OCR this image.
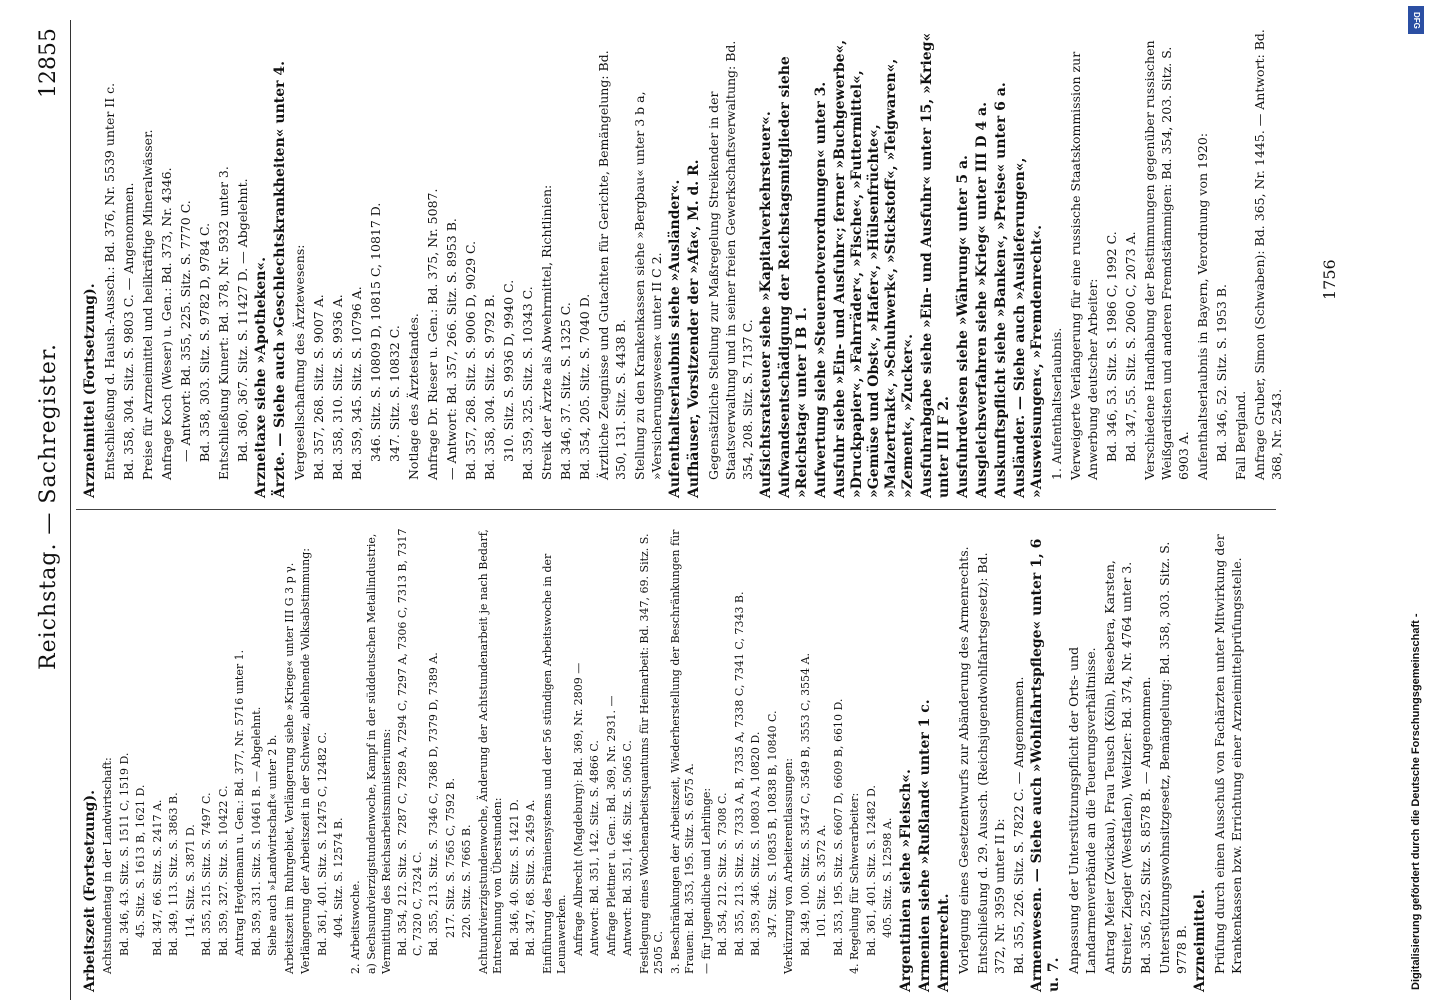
Reichstag. — Sachregister.
12855
Arbeitszeit (Fortsetzung). Achtstundentag in der Landwirtschaft: Bd. 346, 43. Sitz. S. 1511 C, 1519 D. 45. Sitz. S. 1613 B, 1621 D. Bd. 347, 66. Sitz. S. 2417 A. Bd. 349, 113. Sitz. S. 3863 B. 114. Sitz. S. 3871 D. Bd. 355, 215. Sitz. S. 7497 C. Bd. 359, 327. Sitz. S. 10422 C. Antrag Heydemann u. Gen.: Bd. 377, Nr. 5716 unter 1. Bd. 359, 331. Sitz. S. 10461 B. — Abgelehnt. Siehe auch »Landwirtschaft« unter 2 b. Arbeitszeit im Ruhrgebiet, Verlängerung siehe »Kriege« unter III G 3 p γ. Verlängerung der Arbeitszeit in der Schweiz, ablehnende Volksabstimmung: Bd. 361, 401. Sitz. S. 12475 C, 12482 C. 404. Sitz. S. 12574 B. 2. Arbeitswoche. a) Sechsundvierzigstundenwoche, Kampf in der süddeutschen Metallindustrie, Vermittlung des Reichsarbeitsministeriums: Bd. 354, 212. Sitz. S. 7287 C, 7289 A, 7294 C, 7297 A, 7306 C, 7313 B, 7317 C, 7320 C, 7324 C. Bd. 355, 213. Sitz. S. 7346 C, 7368 D, 7379 D, 7389 A. 217. Sitz. S. 7565 C, 7592 B. 220. Sitz. S. 7665 B. Achtundvierzigstundenwoche, Änderung der Achtstundenarbeit je nach Bedarf, Entrechnung von Überstunden: Bd. 346, 40. Sitz. S. 1421 D. Bd. 347, 68. Sitz. S. 2459 A. Einführung des Prämiensystems und der 56 stündigen Arbeitswoche in der Leunawerken. Anfrage Albrecht (Magdeburg): Bd. 369, Nr. 2809 — Antwort: Bd. 351, 142. Sitz. S. 4866 C. Anfrage Plettner u. Gen.: Bd. 369, Nr. 2931. — Antwort: Bd. 351, 146. Sitz. S. 5065 C. Festlegung eines Wochenarbeitsquantums für Heimarbeit: Bd. 347, 69. Sitz. S. 2505 C. 3. Beschränkungen der Arbeitszeit, Wiederherstellung der Beschränkungen für Frauen: Bd. 353, 195. Sitz. S. 6575 A. — für Jugendliche und Lehrlinge: Bd. 354, 212. Sitz. S. 7308 C. Bd. 355, 213. Sitz. S. 7333 A, B, 7335 A, 7338 C, 7341 C, 7343 B. Bd. 359, 346. Sitz. S. 10803 A, 10820 D. 347. Sitz. S. 10835 B, 10838 B, 10840 C. Verkürzung von Arbeiterentlassungen: Bd. 349, 100. Sitz. S. 3547 C, 3549 B, 3553 C, 3554 A. 101. Sitz. S. 3572 A. Bd. 353, 195. Sitz. S. 6607 D, 6609 B, 6610 D. 4. Regelung für Schwerarbeiter: Bd. 361, 401. Sitz. S. 12482 D. 405. Sitz. S. 12598 A. Argentinien siehe »Fleisch«. Armenien siehe »Rußland« unter 1 c. Armenrecht. Vorlegung eines Gesetzentwurfs zur Abänderung des Armenrechts. Entschließung d. 29. Aussch. (Reichsjugendwohlfahrtsgesetz): Bd. 372, Nr. 3959 unter II b: Bd. 355, 226. Sitz. S. 7822 C. — Angenommen. Armenwesen. — Siehe auch »Wohlfahrtspflege« unter 1, 6 u. 7.
Anpassung der Unterstützungspflicht der Orts- und Landarmenverbände an die Teuerungsverhältnisse. Antrag Meier (Zwickau), Frau Teusch (Köln), Riesebera, Karsten, Streiter, Ziegler (Westfalen), Weitzler: Bd. 374, Nr. 4764 unter 3. Bd. 356, 252. Sitz. S. 8578 B. — Angenommen. Unterstützungswohnsitzgesetz, Bemängelung: Bd. 358, 303. Sitz. S. 9778 B. Arzneimittel. Prüfung durch einen Ausschuß von Fachärzten unter Mitwirkung der Krankenkassen bzw. Errichtung einer Arzneimittelprüfungsstelle.
Arzneimittel (Fortsetzung). Entschließung d. Haush.-Aussch.: Bd. 376, Nr. 5539 unter II c. Bd. 358, 304. Sitz. S. 9803 C. — Angenommen. Preise für Arzneimittel und heilkräftige Mineralwässer. Anfrage Koch (Weser) u. Gen.: Bd. 373, Nr. 4346. — Antwort: Bd. 355, 225. Sitz. S. 7770 C. Bd. 358, 303. Sitz. S. 9782 D, 9784 C. Entschließung Kunert: Bd. 378, Nr. 5932 unter 3. Bd. 360, 367. Sitz. S. 11427 D. — Abgelehnt. Arzneitaxe siehe »Apotheken«. Ärzte. — Siehe auch »Geschlechtskrankheiten« unter 4. Vergesellschaftung des Ärztewesens: Bd. 357, 268. Sitz. S. 9007 A. Bd. 358, 310. Sitz. S. 9936 A. Bd. 359, 345. Sitz. S. 10796 A. 346. Sitz. S. 10809 D, 10815 C, 10817 D. 347. Sitz. S. 10832 C. Notlage des Ärztestandes. Anfrage Dr. Rieser u. Gen.: Bd. 375, Nr. 5087. — Antwort: Bd. 357, 266. Sitz. S. 8953 B. Bd. 357, 268. Sitz. S. 9006 D, 9029 C. Bd. 358, 304. Sitz. S. 9792 B. 310. Sitz. S. 9936 D, 9940 C. Bd. 359, 325. Sitz. S. 10343 C. Streik der Ärzte als Abwehrmittel, Richtlinien: Bd. 346, 37. Sitz. S. 1325 C. Bd. 354, 205. Sitz. S. 7040 D. Ärztliche Zeugnisse und Gutachten für Gerichte, Bemängelung: Bd. 350, 131. Sitz. S. 4438 B. Stellung zu den Krankenkassen siehe »Bergbau« unter 3 b a, »Versicherungswesen« unter II C 2. Aufenthaltserlaubnis siehe »Ausländer«. Aufhäuser, Vorsitzender der »Afa«, M. d. R. Gegensätzliche Stellung zur Maßregelung Streikender in der Staatsverwaltung und in seiner freien Gewerkschaftsverwaltung: Bd. 354, 208. Sitz. S. 7137 C. Aufsichtsratsteuer siehe »Kapitalverkehrsteuer«. Aufwandsentschädigung der Reichstagsmitglieder siehe »Reichstag« unter I B 1. Aufwertung siehe »Steuernotverordnungen« unter 3. Ausfuhr siehe »Ein- und Ausfuhr«; ferner »Buchgewerbe«, »Druckpapier«, »Fahrräder«, »Fische«, »Futtermittel«, »Gemüse und Obst«, »Hafer«, »Hülsenfrüchte«, »Malzertrakt«, »Schuhwerk«, »Stickstoff«, »Teigwaren«, »Zement«, »Zucker«. Ausfuhrabgabe siehe »Ein- und Ausfuhr« unter 15, »Krieg« unter III F 2. Ausfuhrdevisen siehe »Währung« unter 5 a. Ausgleichsverfahren siehe »Krieg« unter III D 4 a. Auskunftspflicht siehe »Banken«, »Preise« unter 6 a. Ausländer. — Siehe auch »Auslieferungen«, »Ausweisungen«, »Fremdenrecht«. 1. Aufenthaltserlaubnis. Verweigerte Verlängerung für eine russische Staatskommission zur Anwerbung deutscher Arbeiter: Bd. 346, 53. Sitz. S. 1986 C, 1992 C. Bd. 347, 55. Sitz. S. 2060 C, 2073 A. Verschiedene Handhabung der Bestimmungen gegenüber russischen Weißgardisten und anderen Fremdstämmigen: Bd. 354, 203. Sitz. S. 6903 A. Aufenthaltserlaubnis in Bayern, Verordnung von 1920: Bd. 346, 52. Sitz. S. 1953 B. Fall Bergland. Anfrage Gruber, Simon (Schwaben): Bd. 365, Nr. 1445. — Antwort: Bd. 368, Nr. 2543.
1756
DFG
Digitalisierung gefördert durch die Deutsche Forschungsgemeinschaft -
